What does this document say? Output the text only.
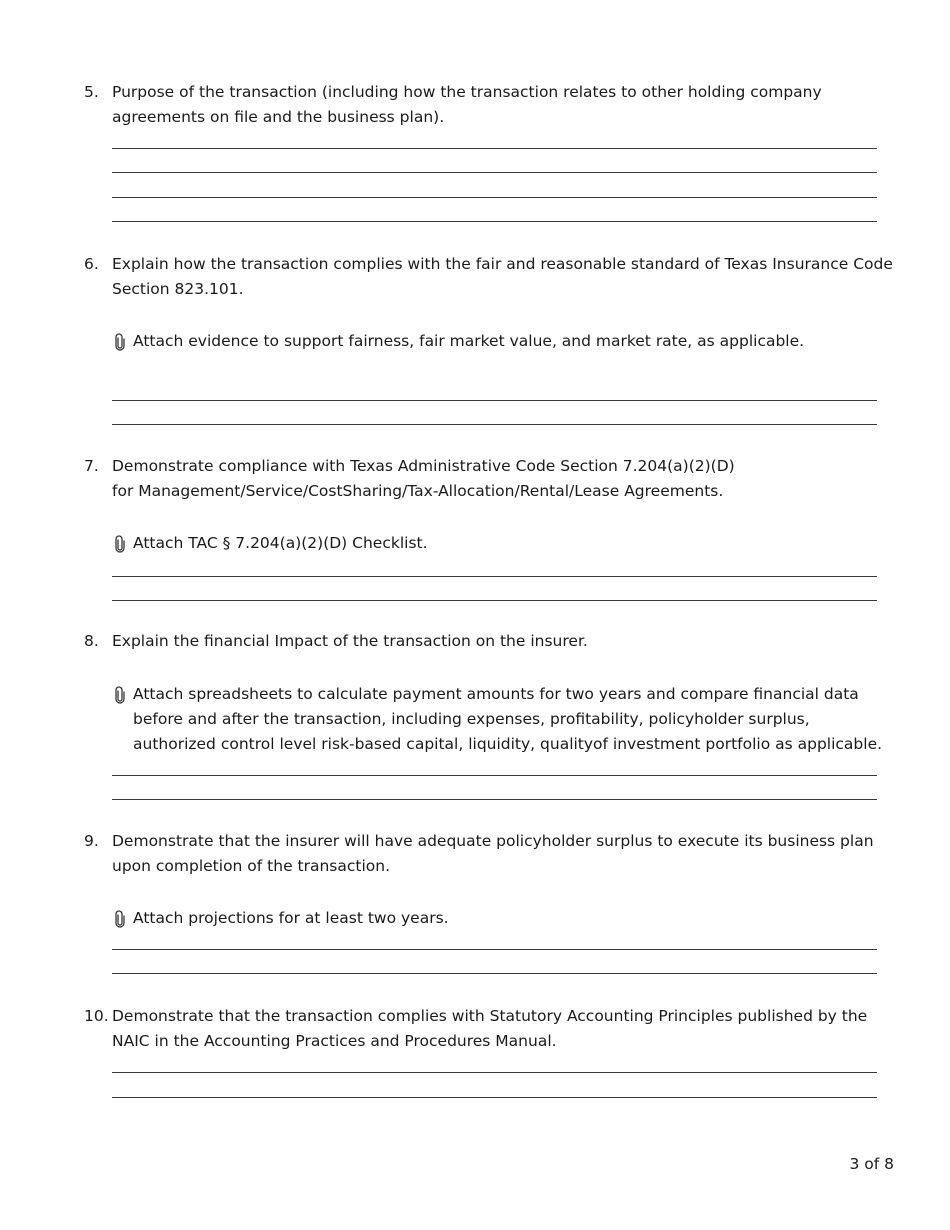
5. Purpose of the transaction (including how the transaction relates to other holding company agreements on file and the business plan).
6. Explain how the transaction complies with the fair and reasonable standard of Texas Insurance Code Section 823.101.
Attach evidence to support fairness, fair market value, and market rate, as applicable.
7. Demonstrate compliance with Texas Administrative Code Section 7.204(a)(2)(D) for Management/Service/CostSharing/Tax-Allocation/Rental/Lease Agreements.
Attach TAC § 7.204(a)(2)(D) Checklist.
8. Explain the financial Impact of the transaction on the insurer.
Attach spreadsheets to calculate payment amounts for two years and compare financial data before and after the transaction, including expenses, profitability, policyholder surplus, authorized control level risk-based capital, liquidity, qualityof investment portfolio as applicable.
9. Demonstrate that the insurer will have adequate policyholder surplus to execute its business plan upon completion of the transaction.
Attach projections for at least two years.
10. Demonstrate that the transaction complies with Statutory Accounting Principles published by the NAIC in the Accounting Practices and Procedures Manual.
3 of 8
